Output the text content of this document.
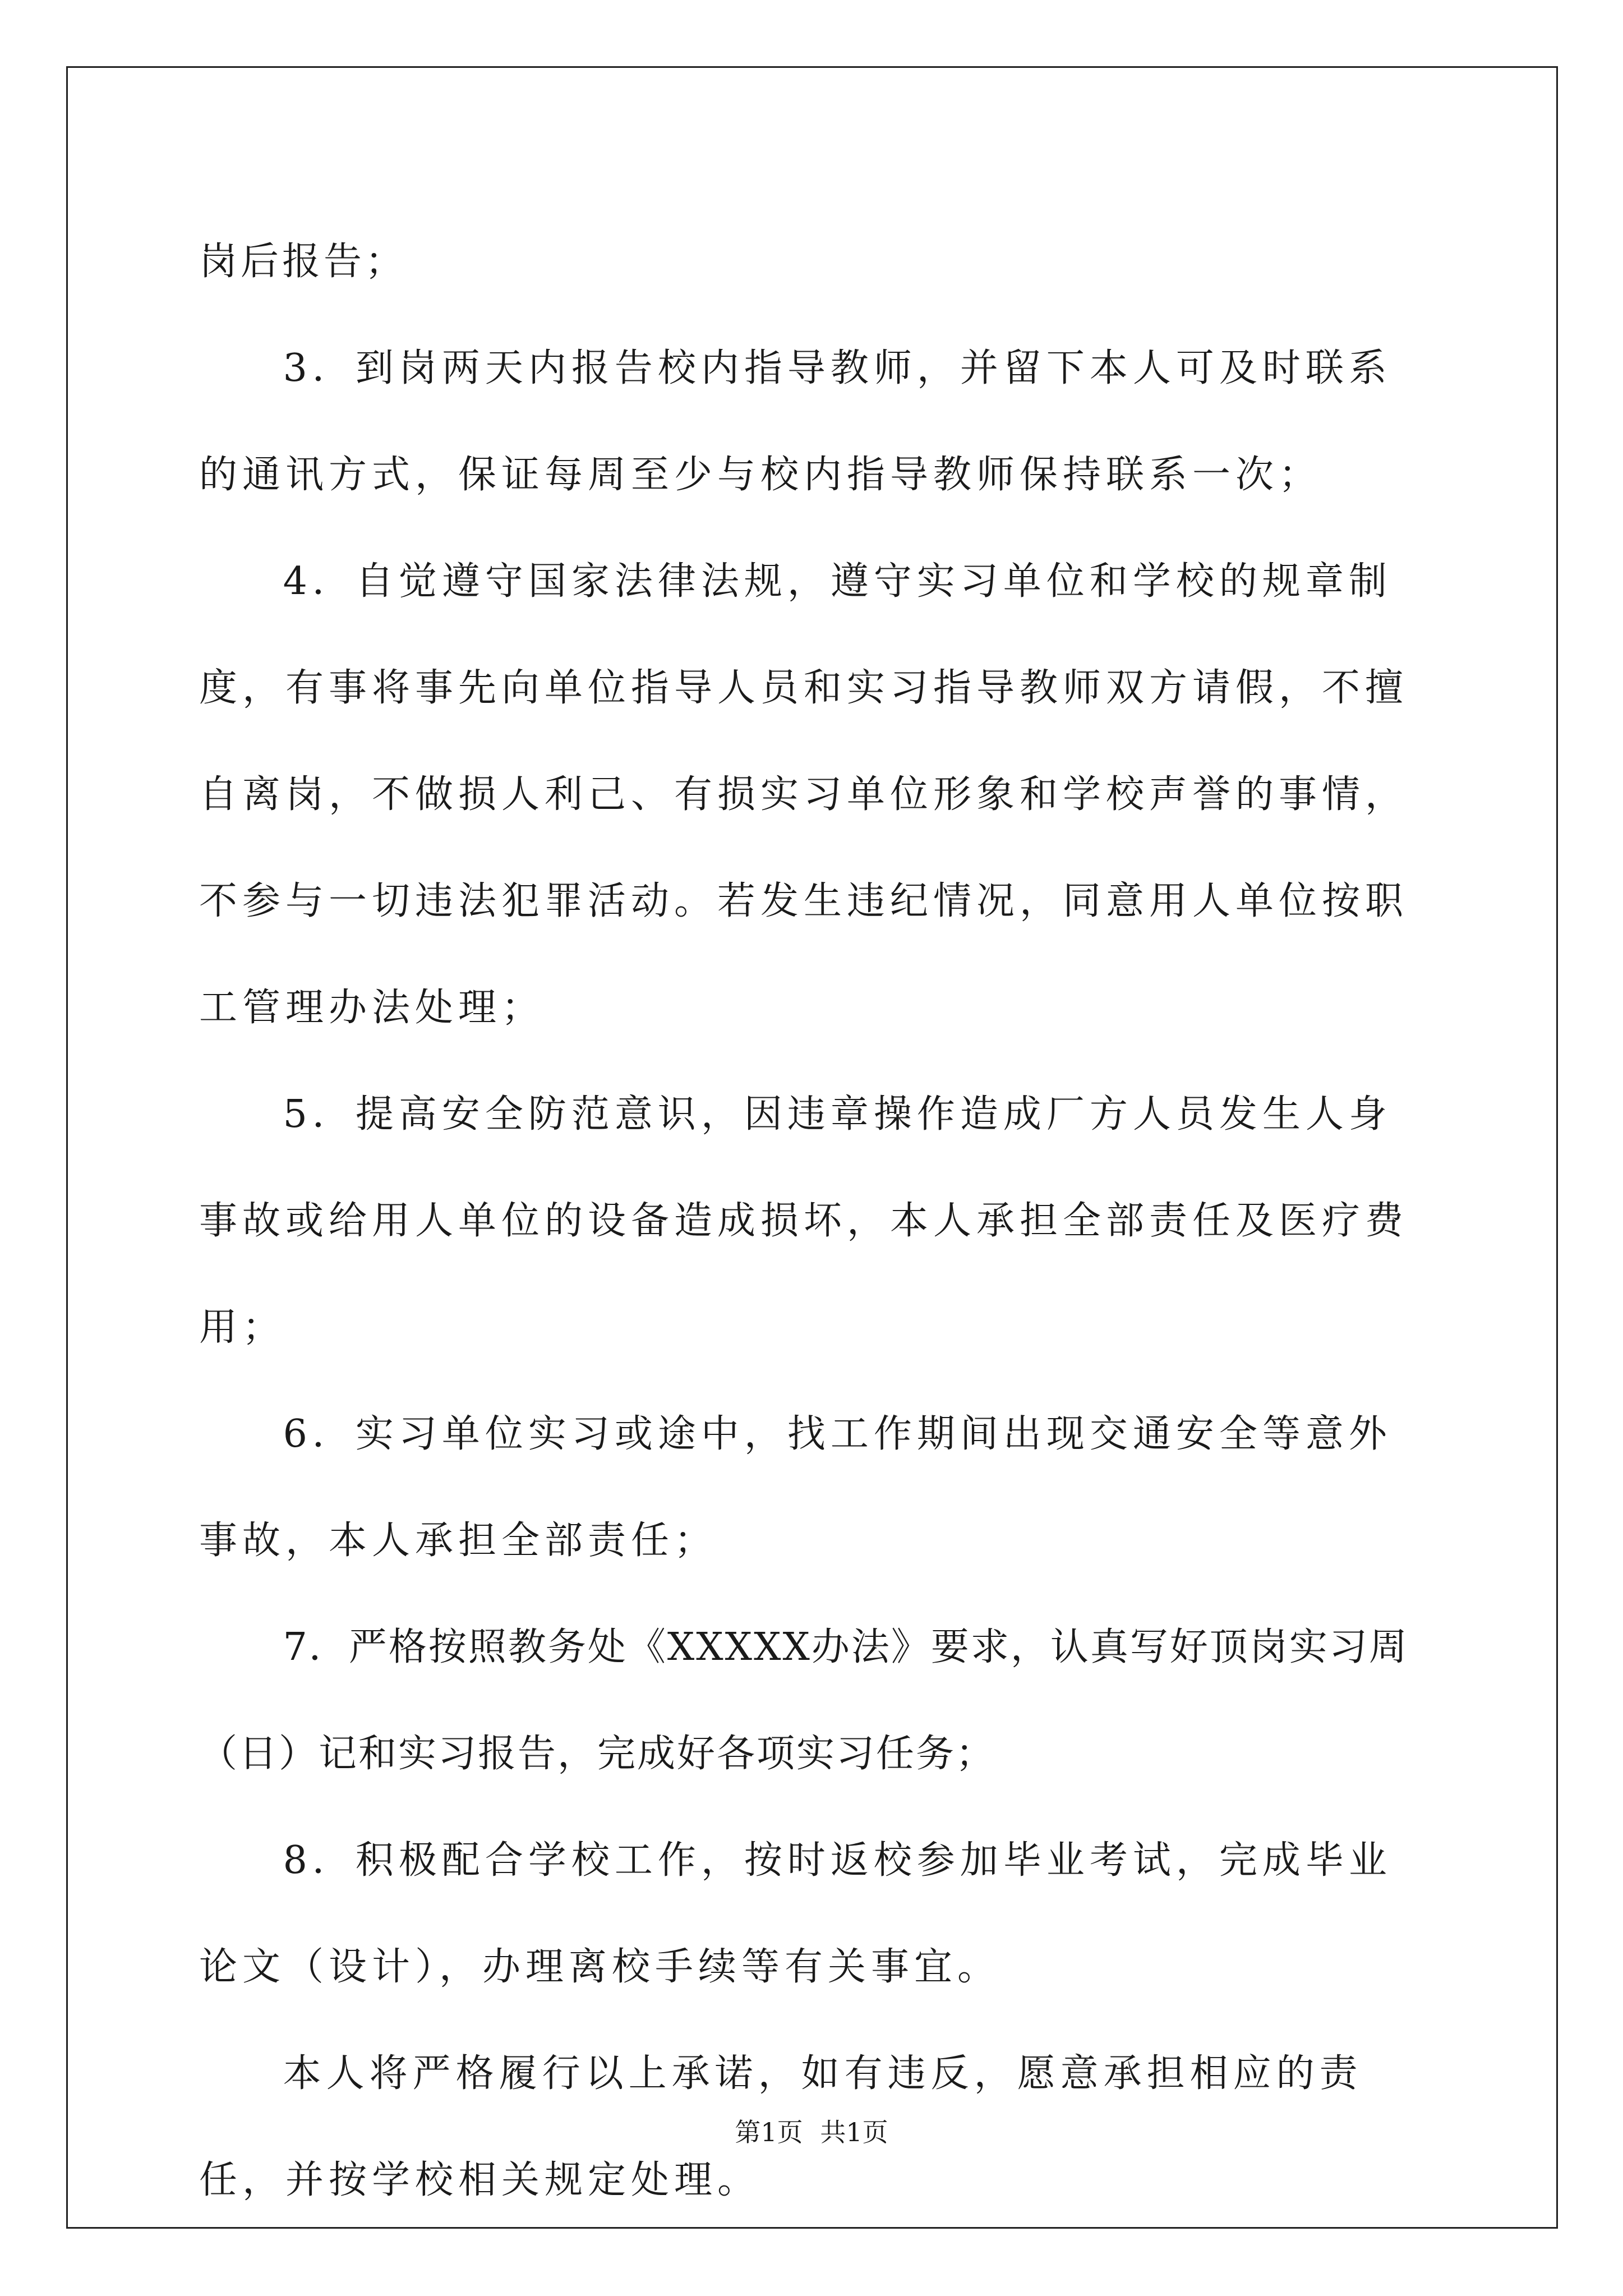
岗后报告；

3．到岗两天内报告校内指导教师，并留下本人可及时联系的通讯方式，保证每周至少与校内指导教师保持联系一次；

4．自觉遵守国家法律法规，遵守实习单位和学校的规章制度，有事将事先向单位指导人员和实习指导教师双方请假，不擅自离岗，不做损人利己、有损实习单位形象和学校声誉的事情，不参与一切违法犯罪活动。若发生违纪情况，同意用人单位按职工管理办法处理；

5．提高安全防范意识，因违章操作造成厂方人员发生人身事故或给用人单位的设备造成损坏，本人承担全部责任及医疗费用；

6．实习单位实习或途中，找工作期间出现交通安全等意外事故，本人承担全部责任；

7．严格按照教务处《XXXXX办法》要求，认真写好顶岗实习周（日）记和实习报告，完成好各项实习任务；

8．积极配合学校工作，按时返校参加毕业考试，完成毕业论文（设计），办理离校手续等有关事宜。

本人将严格履行以上承诺，如有违反，愿意承担相应的责任，并按学校相关规定处理。

第1页 共1页
